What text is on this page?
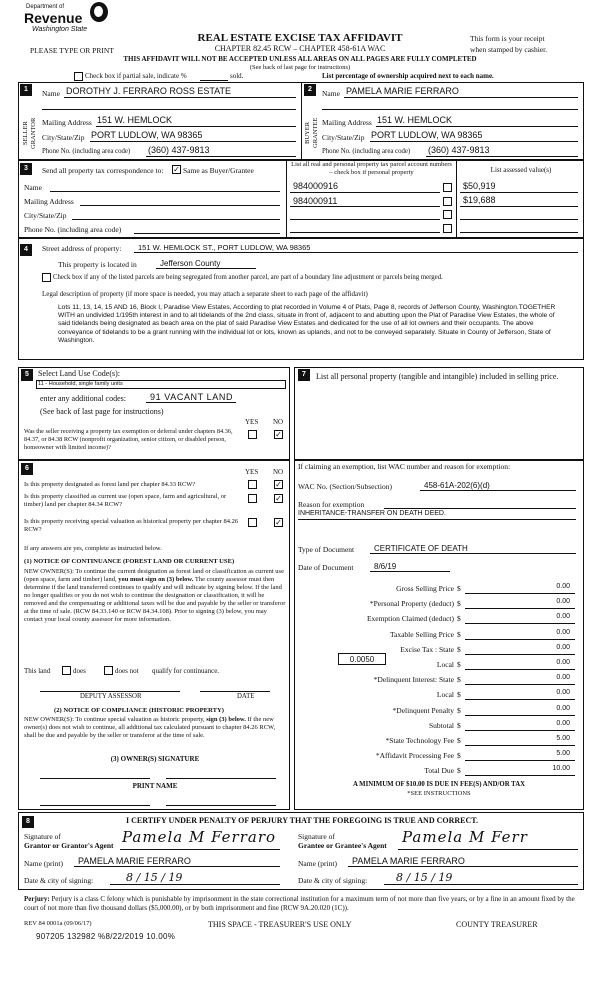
Department of
Revenue
Washington State
REAL ESTATE EXCISE TAX AFFIDAVIT
CHAPTER 82.45 RCW – CHAPTER 458-61A WAC
This form is your receipt
when stamped by cashier.
PLEASE TYPE OR PRINT
THIS AFFIDAVIT WILL NOT BE ACCEPTED UNLESS ALL AREAS ON ALL PAGES ARE FULLY COMPLETED
(See back of last page for instructions)
Check box if partial sale, indicate %	sold.	List percentage of ownership acquired next to each name.
1
SELLER GRANTOR
Name DOROTHY J. FERRARO ROSS ESTATE
Mailing Address 151 W. HEMLOCK
City/State/Zip PORT LUDLOW, WA 98365
Phone No. (including area code) (360) 437-9813
2
BUYER GRANTEE
Name PAMELA MARIE FERRARO
Mailing Address 151 W. HEMLOCK
City/State/Zip PORT LUDLOW, WA 98365
Phone No. (including area code) (360) 437-9813
3	Send all property tax correspondence to: ✓ Same as Buyer/Grantee
Name
Mailing Address
City/State/Zip
Phone No. (including area code)
List all real and personal property tax parcel account numbers – check box if personal property	List assessed value(s)
984000916	$50,919
984000911	$19,688
4	Street address of property: 151 W. HEMLOCK ST., PORT LUDLOW, WA 98365
This property is located in	Jefferson County
Check box if any of the listed parcels are being segregated from another parcel, are part of a boundary line adjustment or parcels being merged.
Legal description of property (if more space is needed, you may attach a separate sheet to each page of the affidavit)
Lots 11, 13, 14, 15 AND 16, Block I, Paradise View Estates, According to plat recorded in Volume 4 of Plats, Page 8, records of Jefferson County, Washington.TOGETHER WITH an undivided 1/195th interest in and to all tidelands of the 2nd class, situate in front of, adjacent to and abutting upon the Plat of Paradise View Estates, the whole of said tidelands being designated as beach area on the plat of said Paradise View Estates and dedicated for the use of all lot owners and their occupants. The above conveyance of tidelands to be a grant running with the individual lot or lots, known as uplands, and not to be conveyed separately. Situate in County of Jefferson, State of Washington.
5	Select Land Use Code(s):
11 - Household, single family units
enter any additional codes:	91 VACANT LAND
(See back of last page for instructions)
YES NO
Was the seller receiving a property tax exemption or deferral under chapters 84.36, 84.37, or 84.38 RCW (nonprofit organization, senior citizen, or disabled person, homeowner with limited income)?
✓
7	List all personal property (tangible and intangible) included in selling price.
6	YES NO
Is this property designated as forest land per chapter 84.33 RCW?	✓
Is this property classified as current use (open space, farm and agricultural, or timber) land per chapter 84.34 RCW?
✓
Is this property receiving special valuation as historical property per chapter 84.26 RCW?
✓
If any answers are yes, complete as instructed below.
(1) NOTICE OF CONTINUANCE (FOREST LAND OR CURRENT USE)
NEW OWNER(S): To continue the current designation as forest land or classification as current use (open space, farm and timber) land, you must sign on (3) below. The county assessor must then determine if the land transferred continues to qualify and will indicate by signing below. If the land no longer qualifies or you do not wish to continue the designation or classification, it will be removed and the compensating or additional taxes will be due and payable by the seller or transferor at the time of sale. (RCW 84.33.140 or RCW 84.34.108). Prior to signing (3) below, you may contact your local county assessor for more information.
This land	does	does not qualify for continuance.
DEPUTY ASSESSOR	DATE
(2) NOTICE OF COMPLIANCE (HISTORIC PROPERTY)
NEW OWNER(S): To continue special valuation as historic property, sign (3) below. If the new owner(s) does not wish to continue, all additional tax calculated pursuant to chapter 84.26 RCW, shall be due and payable by the seller or transferor at the time of sale.
(3) OWNER(S) SIGNATURE
PRINT NAME
If claiming an exemption, list WAC number and reason for exemption:
WAC No. (Section/Subsection)	458-61A-202(6)(d)
Reason for exemption
INHERITANCE-TRANSFER ON DEATH DEED.
Type of Document CERTIFICATE OF DEATH
Date of Document	8/6/19
Gross Selling Price $	0.00
*Personal Property (deduct) $	0.00
Exemption Claimed (deduct) $	0.00
Taxable Selling Price $	0.00
Excise Tax : State $	0.00
Local $	0.00
*Delinquent Interest: State $	0.00
Local $	0.00
*Delinquent Penalty $	0.00
Subtotal $	0.00
*State Technology Fee $	5.00
*Affidavit Processing Fee $	5.00
Total Due $	10.00
0.0050
A MINIMUM OF $10.00 IS DUE IN FEE(S) AND/OR TAX
*SEE INSTRUCTIONS
8	I CERTIFY UNDER PENALTY OF PERJURY THAT THE FOREGOING IS TRUE AND CORRECT.
Signature of
Grantor or Grantor's Agent Pamela M Ferraro
Name (print) PAMELA MARIE FERRARO
Date & city of signing:	8 / 15 / 19
Signature of
Grantee or Grantee's Agent Pamela M Ferr
Name (print) PAMELA MARIE FERRARO
Date & city of signing:	8 / 15 / 19
Perjury: Perjury is a class C felony which is punishable by imprisonment in the state correctional institution for a maximum term of not more than five years, or by a fine in an amount fixed by the court of not more than five thousand dollars ($5,000.00), or by both imprisonment and fine (RCW 9A.20.020 (1C)).
REV 84 0001a (09/06/17)	THIS SPACE - TREASURER'S USE ONLY	COUNTY TREASURER
907205 132982 %8/22/2019 10.00%
